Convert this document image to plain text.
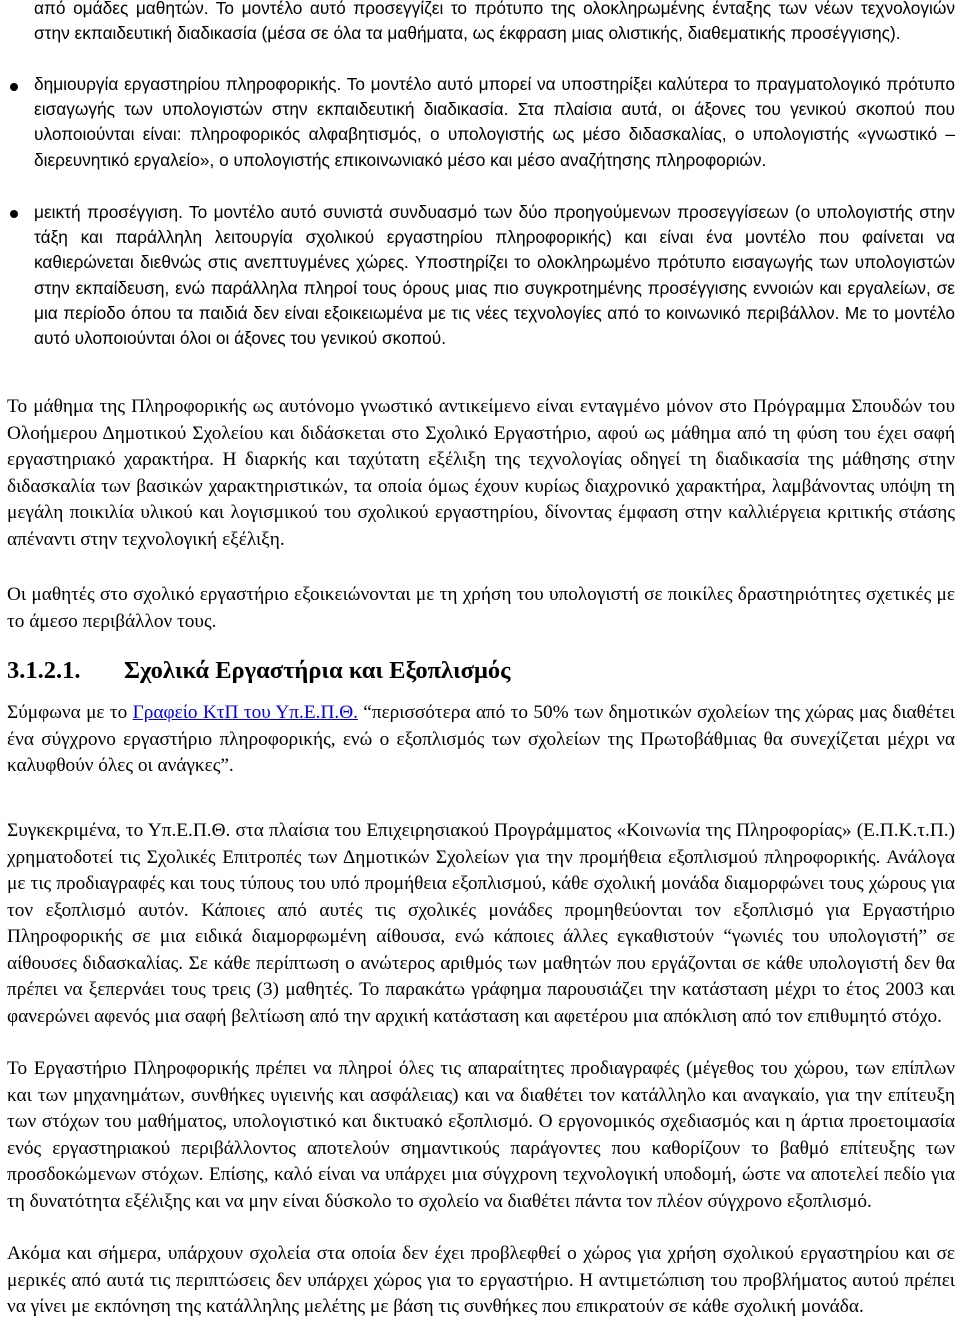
από ομάδες μαθητών. Το μοντέλο αυτό προσεγγίζει το πρότυπο της ολοκληρωμένης ένταξης των νέων τεχνολογιών στην εκπαιδευτική διαδικασία (μέσα σε όλα τα μαθήματα, ως έκφραση μιας ολιστικής, διαθεματικής προσέγγισης).

δημιουργία εργαστηρίου πληροφορικής. Το μοντέλο αυτό μπορεί να υποστηρίξει καλύτερα το πραγματολογικό πρότυπο εισαγωγής των υπολογιστών στην εκπαιδευτική διαδικασία. Στα πλαίσια αυτά, οι άξονες του γενικού σκοπού που υλοποιούνται είναι: πληροφορικός αλφαβητισμός, ο υπολογιστής ως μέσο διδασκαλίας, ο υπολογιστής «γνωστικό – διερευνητικό εργαλείο», ο υπολογιστής επικοινωνιακό μέσο και μέσο αναζήτησης πληροφοριών.

μεικτή προσέγγιση. Το μοντέλο αυτό συνιστά συνδυασμό των δύο προηγούμενων προσεγγίσεων (ο υπολογιστής στην τάξη και παράλληλη λειτουργία σχολικού εργαστηρίου πληροφορικής) και είναι ένα μοντέλο που φαίνεται να καθιερώνεται διεθνώς στις ανεπτυγμένες χώρες. Υποστηρίζει το ολοκληρωμένο πρότυπο εισαγωγής των υπολογιστών στην εκπαίδευση, ενώ παράλληλα πληροί τους όρους μιας πιο συγκροτημένης προσέγγισης εννοιών και εργαλείων, σε μια περίοδο όπου τα παιδιά δεν είναι εξοικειωμένα με τις νέες τεχνολογίες από το κοινωνικό περιβάλλον. Με το μοντέλο αυτό υλοποιούνται όλοι οι άξονες του γενικού σκοπού.

Το μάθημα της Πληροφορικής ως αυτόνομο γνωστικό αντικείμενο είναι ενταγμένο μόνον στο Πρόγραμμα Σπουδών του Ολοήμερου Δημοτικού Σχολείου και διδάσκεται στο Σχολικό Εργαστήριο, αφού ως μάθημα από τη φύση του έχει σαφή εργαστηριακό χαρακτήρα. Η διαρκής και ταχύτατη εξέλιξη της τεχνολογίας οδηγεί τη διαδικασία της μάθησης στην διδασκαλία των βασικών χαρακτηριστικών, τα οποία όμως έχουν κυρίως διαχρονικό χαρακτήρα, λαμβάνοντας υπόψη τη μεγάλη ποικιλία υλικού και λογισμικού του σχολικού εργαστηρίου, δίνοντας έμφαση στην καλλιέργεια κριτικής στάσης απέναντι στην τεχνολογική εξέλιξη.

Οι μαθητές στο σχολικό εργαστήριο εξοικειώνονται με τη χρήση του υπολογιστή σε ποικίλες δραστηριότητες σχετικές με το άμεσο περιβάλλον τους.

3.1.2.1. Σχολικά Εργαστήρια και Εξοπλισμός

Σύμφωνα με το Γραφείο ΚτΠ του Υπ.Ε.Π.Θ. “περισσότερα από το 50% των δημοτικών σχολείων της χώρας μας διαθέτει ένα σύγχρονο εργαστήριο πληροφορικής, ενώ ο εξοπλισμός των σχολείων της Πρωτοβάθμιας θα συνεχίζεται μέχρι να καλυφθούν όλες οι ανάγκες”.

Συγκεκριμένα, το Υπ.Ε.Π.Θ. στα πλαίσια του Επιχειρησιακού Προγράμματος «Κοινωνία της Πληροφορίας» (Ε.Π.Κ.τ.Π.) χρηματοδοτεί τις Σχολικές Επιτροπές των Δημοτικών Σχολείων για την προμήθεια εξοπλισμού πληροφορικής. Ανάλογα με τις προδιαγραφές και τους τύπους του υπό προμήθεια εξοπλισμού, κάθε σχολική μονάδα διαμορφώνει τους χώρους για τον εξοπλισμό αυτόν. Κάποιες από αυτές τις σχολικές μονάδες προμηθεύονται τον εξοπλισμό για Εργαστήριο Πληροφορικής σε μια ειδικά διαμορφωμένη αίθουσα, ενώ κάποιες άλλες εγκαθιστούν “γωνιές του υπολογιστή” σε αίθουσες διδασκαλίας. Σε κάθε περίπτωση ο ανώτερος αριθμός των μαθητών που εργάζονται σε κάθε υπολογιστή δεν θα πρέπει να ξεπερνάει τους τρεις (3) μαθητές. Το παρακάτω γράφημα παρουσιάζει την κατάσταση μέχρι το έτος 2003 και φανερώνει αφενός μια σαφή βελτίωση από την αρχική κατάσταση και αφετέρου μια απόκλιση από τον επιθυμητό στόχο.

Το Εργαστήριο Πληροφορικής πρέπει να πληροί όλες τις απαραίτητες προδιαγραφές (μέγεθος του χώρου, των επίπλων και των μηχανημάτων, συνθήκες υγιεινής και ασφάλειας) και να διαθέτει τον κατάλληλο και αναγκαίο, για την επίτευξη των στόχων του μαθήματος, υπολογιστικό και δικτυακό εξοπλισμό. Ο εργονομικός σχεδιασμός και η άρτια προετοιμασία ενός εργαστηριακού περιβάλλοντος αποτελούν σημαντικούς παράγοντες που καθορίζουν το βαθμό επίτευξης των προσδοκώμενων στόχων. Επίσης, καλό είναι να υπάρχει μια σύγχρονη τεχνολογική υποδομή, ώστε να αποτελεί πεδίο για τη δυνατότητα εξέλιξης και να μην είναι δύσκολο το σχολείο να διαθέτει πάντα τον πλέον σύγχρονο εξοπλισμό.

Ακόμα και σήμερα, υπάρχουν σχολεία στα οποία δεν έχει προβλεφθεί ο χώρος για χρήση σχολικού εργαστηρίου και σε μερικές από αυτά τις περιπτώσεις δεν υπάρχει χώρος για το εργαστήριο. Η αντιμετώπιση του προβλήματος αυτού πρέπει να γίνει με εκπόνηση της κατάλληλης μελέτης με βάση τις συνθήκες που επικρατούν σε κάθε σχολική μονάδα.
